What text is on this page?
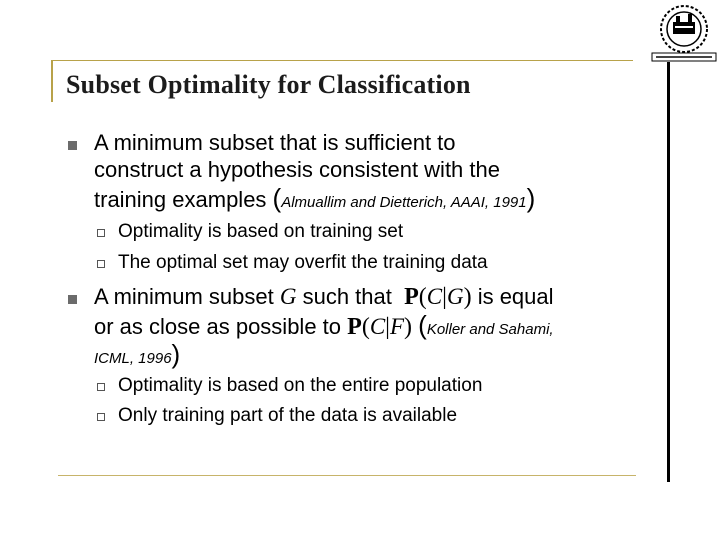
Subset Optimality for Classification
A minimum subset that is sufficient to
construct a hypothesis consistent with the
training examples (Almuallim and Dietterich, AAAI, 1991)
Optimality is based on training set
The optimal set may overfit the training data
A minimum subset G such that  P(C|G) is equal
or as close as possible to P(C|F) (Koller and Sahami,
ICML, 1996)
Optimality is based on the entire population
Only training part of the data is available
